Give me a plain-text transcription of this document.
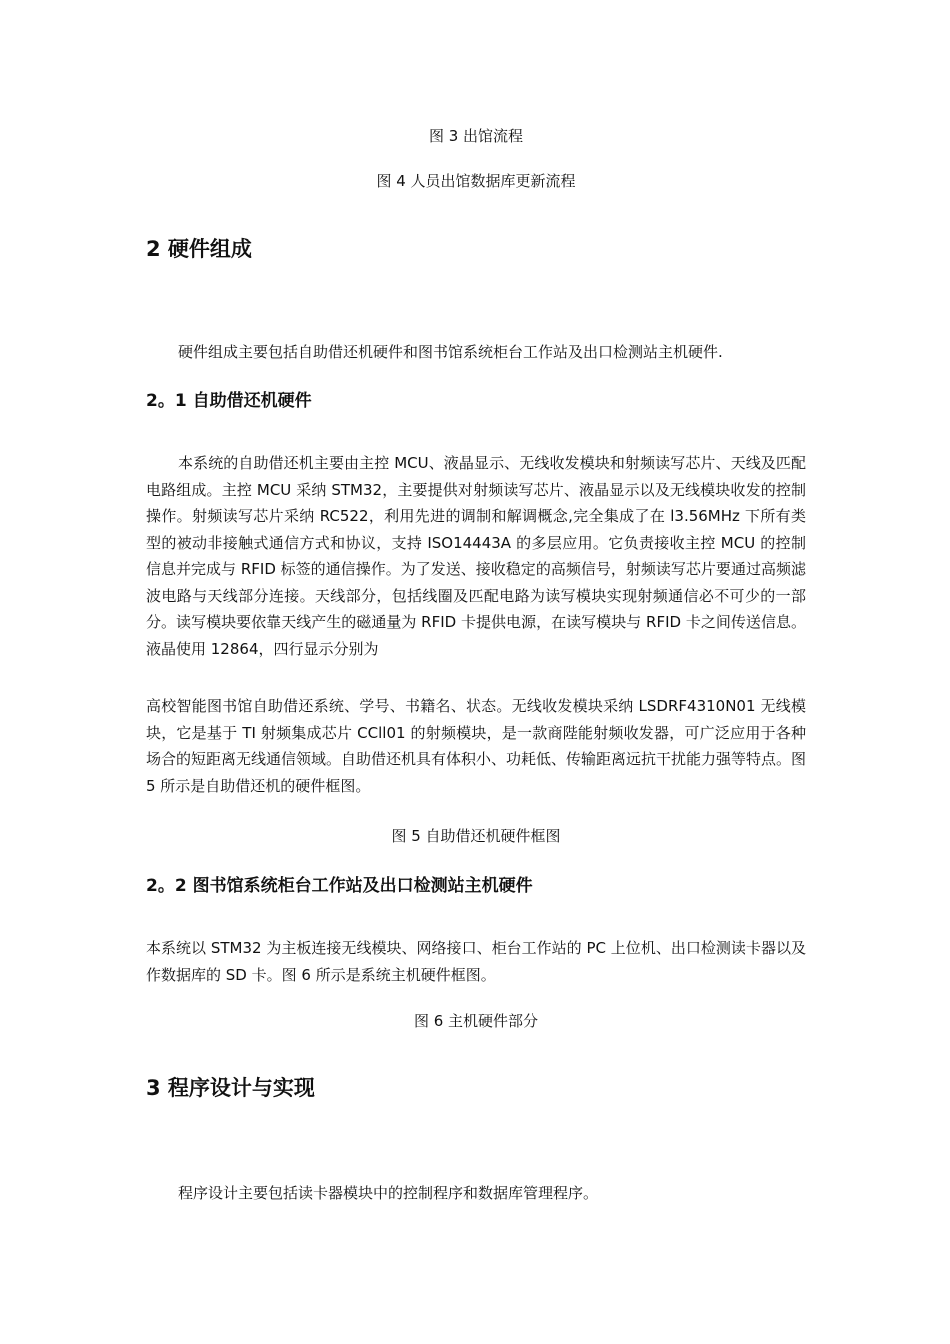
图 3 出馆流程

图 4 人员出馆数据库更新流程

2 硬件组成

硬件组成主要包括自助借还机硬件和图书馆系统柜台工作站及出口检测站主机硬件.

2。1 自助借还机硬件

本系统的自助借还机主要由主控 MCU、液晶显示、无线收发模块和射频读写芯片、天线及匹配电路组成。主控 MCU 采纳 STM32，主要提供对射频读写芯片、液晶显示以及无线模块收发的控制操作。射频读写芯片采纳 RC522，利用先进的调制和解调概念,完全集成了在 l3.56MHz 下所有类型的被动非接触式通信方式和协议，支持 ISO14443A 的多层应用。它负责接收主控 MCU 的控制信息并完成与 RFID 标签的通信操作。为了发送、接收稳定的高频信号，射频读写芯片要通过高频滤波电路与天线部分连接。天线部分，包括线圈及匹配电路为读写模块实现射频通信必不可少的一部分。读写模块要依靠天线产生的磁通量为 RFID 卡提供电源，在读写模块与 RFID 卡之间传送信息。液晶使用 12864，四行显示分别为

高校智能图书馆自助借还系统、学号、书籍名、状态。无线收发模块采纳 LSDRF4310N01 无线模块，它是基于 TI 射频集成芯片 CCll01 的射频模块，是一款商陛能射频收发器，可广泛应用于各种场合的短距离无线通信领域。自助借还机具有体积小、功耗低、传输距离远抗干扰能力强等特点。图 5 所示是自助借还机的硬件框图。

图 5 自助借还机硬件框图

2。2 图书馆系统柜台工作站及出口检测站主机硬件

本系统以 STM32 为主板连接无线模块、网络接口、柜台工作站的 PC 上位机、出口检测读卡器以及作数据库的 SD 卡。图 6 所示是系统主机硬件框图。

图 6 主机硬件部分

3 程序设计与实现

程序设计主要包括读卡器模块中的控制程序和数据库管理程序。
